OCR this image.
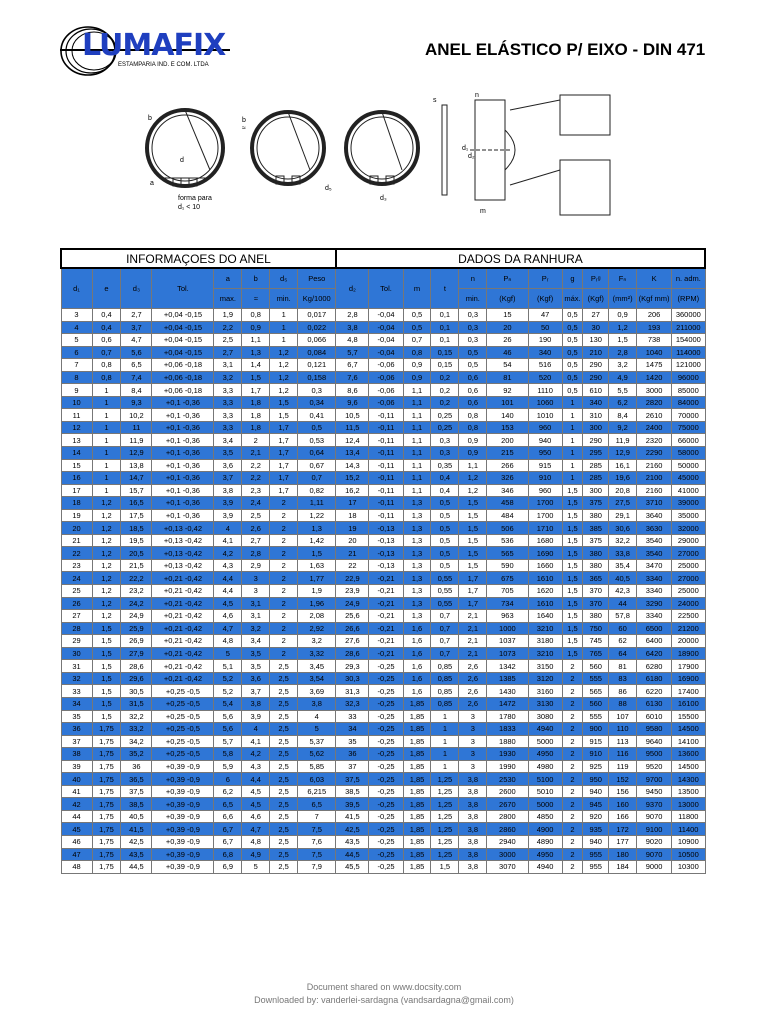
LUMAFIX
ESTAMPARIA IND. E COM. LTDA
ANEL ELÁSTICO P/ EIXO - DIN 471
b
d
a
forma para
d₁ < 10
b
≈
d₅
d₃
s
n
d₁
d₂
m
INFORMAÇOES DO ANEL								DADOS DA RANHURA											
d₁	e	d₃	Tol.	a	b	d₅	Peso	d₂	Tol.	m	t	n	Pₙ	Pᵣ	g	Pᵣᵍ	Fₙ	K	n. adm.
				max.	≈	min.	Kg/1000					min.	(Kgf)	(Kgf)	máx.	(Kgf)	(mm²)	(Kgf mm)	(RPM)
3	0,4	2,7	+0,04 -0,15	1,9	0,8	1	0,017	2,8	-0,04	0,5	0,1	0,3	15	47	0,5	27	0,9	206	360000
4	0,4	3,7	+0,04 -0,15	2,2	0,9	1	0,022	3,8	-0,04	0,5	0,1	0,3	20	50	0,5	30	1,2	193	211000
5	0,6	4,7	+0,04 -0,15	2,5	1,1	1	0,066	4,8	-0,04	0,7	0,1	0,3	26	190	0,5	130	1,5	738	154000
6	0,7	5,6	+0,04 -0,15	2,7	1,3	1,2	0,084	5,7	-0,04	0,8	0,15	0,5	46	340	0,5	210	2,8	1040	114000
7	0,8	6,5	+0,06 -0,18	3,1	1,4	1,2	0,121	6,7	-0,06	0,9	0,15	0,5	54	516	0,5	290	3,2	1475	121000
8	0,8	7,4	+0,06 -0,18	3,2	1,5	1,2	0,158	7,6	-0,06	0,9	0,2	0,6	81	520	0,5	290	4,9	1420	96000
9	1	8,4	+0,06 -0,18	3,3	1,7	1,2	0,3	8,6	-0,06	1,1	0,2	0,6	92	1110	0,5	610	5,5	3000	85000
10	1	9,3	+0,1 -0,36	3,3	1,8	1,5	0,34	9,6	-0,06	1,1	0,2	0,6	101	1060	1	340	6,2	2820	84000
11	1	10,2	+0,1 -0,36	3,3	1,8	1,5	0,41	10,5	-0,11	1,1	0,25	0,8	140	1010	1	310	8,4	2610	70000
12	1	11	+0,1 -0,36	3,3	1,8	1,7	0,5	11,5	-0,11	1,1	0,25	0,8	153	960	1	300	9,2	2400	75000
13	1	11,9	+0,1 -0,36	3,4	2	1,7	0,53	12,4	-0,11	1,1	0,3	0,9	200	940	1	290	11,9	2320	66000
14	1	12,9	+0,1 -0,36	3,5	2,1	1,7	0,64	13,4	-0,11	1,1	0,3	0,9	215	950	1	295	12,9	2290	58000
15	1	13,8	+0,1 -0,36	3,6	2,2	1,7	0,67	14,3	-0,11	1,1	0,35	1,1	266	915	1	285	16,1	2160	50000
16	1	14,7	+0,1 -0,36	3,7	2,2	1,7	0,7	15,2	-0,11	1,1	0,4	1,2	326	910	1	285	19,6	2100	45000
17	1	15,7	+0,1 -0,36	3,8	2,3	1,7	0,82	16,2	-0,11	1,1	0,4	1,2	346	960	1,5	300	20,8	2160	41000
18	1,2	16,5	+0,1 -0,36	3,9	2,4	2	1,11	17	-0,11	1,3	0,5	1,5	458	1700	1,5	375	27,5	3710	39000
19	1,2	17,5	+0,1 -0,36	3,9	2,5	2	1,22	18	-0,11	1,3	0,5	1,5	484	1700	1,5	380	29,1	3640	35000
20	1,2	18,5	+0,13 -0,42	4	2,6	2	1,3	19	-0,13	1,3	0,5	1,5	506	1710	1,5	385	30,6	3630	32000
21	1,2	19,5	+0,13 -0,42	4,1	2,7	2	1,42	20	-0,13	1,3	0,5	1,5	536	1680	1,5	375	32,2	3540	29000
22	1,2	20,5	+0,13 -0,42	4,2	2,8	2	1,5	21	-0,13	1,3	0,5	1,5	565	1690	1,5	380	33,8	3540	27000
23	1,2	21,5	+0,13 -0,42	4,3	2,9	2	1,63	22	-0,13	1,3	0,5	1,5	590	1660	1,5	380	35,4	3470	25000
24	1,2	22,2	+0,21 -0,42	4,4	3	2	1,77	22,9	-0,21	1,3	0,55	1,7	675	1610	1,5	365	40,5	3340	27000
25	1,2	23,2	+0,21 -0,42	4,4	3	2	1,9	23,9	-0,21	1,3	0,55	1,7	705	1620	1,5	370	42,3	3340	25000
26	1,2	24,2	+0,21 -0,42	4,5	3,1	2	1,96	24,9	-0,21	1,3	0,55	1,7	734	1610	1,5	370	44	3290	24000
27	1,2	24,9	+0,21 -0,42	4,6	3,1	2	2,08	25,6	-0,21	1,3	0,7	2,1	963	1640	1,5	380	57,8	3340	22500
28	1,5	25,9	+0,21 -0,42	4,7	3,2	2	2,92	26,6	-0,21	1,6	0,7	2,1	1000	3210	1,5	750	60	6500	21200
29	1,5	26,9	+0,21 -0,42	4,8	3,4	2	3,2	27,6	-0,21	1,6	0,7	2,1	1037	3180	1,5	745	62	6400	20000
30	1,5	27,9	+0,21 -0,42	5	3,5	2	3,32	28,6	-0,21	1,6	0,7	2,1	1073	3210	1,5	765	64	6420	18900
31	1,5	28,6	+0,21 -0,42	5,1	3,5	2,5	3,45	29,3	-0,25	1,6	0,85	2,6	1342	3150	2	560	81	6280	17900
32	1,5	29,6	+0,21 -0,42	5,2	3,6	2,5	3,54	30,3	-0,25	1,6	0,85	2,6	1385	3120	2	555	83	6180	16900
33	1,5	30,5	+0,25 -0,5	5,2	3,7	2,5	3,69	31,3	-0,25	1,6	0,85	2,6	1430	3160	2	565	86	6220	17400
34	1,5	31,5	+0,25 -0,5	5,4	3,8	2,5	3,8	32,3	-0,25	1,85	0,85	2,6	1472	3130	2	560	88	6130	16100
35	1,5	32,2	+0,25 -0,5	5,6	3,9	2,5	4	33	-0,25	1,85	1	3	1780	3080	2	555	107	6010	15500
36	1,75	33,2	+0,25 -0,5	5,6	4	2,5	5	34	-0,25	1,85	1	3	1833	4940	2	900	110	9580	14500
37	1,75	34,2	+0,25 -0,5	5,7	4,1	2,5	5,37	35	-0,25	1,85	1	3	1880	5000	2	915	113	9640	14100
38	1,75	35,2	+0,25 -0,5	5,8	4,2	2,5	5,62	36	-0,25	1,85	1	3	1930	4950	2	910	116	9500	13600
39	1,75	36	+0,39 -0,9	5,9	4,3	2,5	5,85	37	-0,25	1,85	1	3	1990	4980	2	925	119	9520	14500
40	1,75	36,5	+0,39 -0,9	6	4,4	2,5	6,03	37,5	-0,25	1,85	1,25	3,8	2530	5100	2	950	152	9700	14300
41	1,75	37,5	+0,39 -0,9	6,2	4,5	2,5	6,215	38,5	-0,25	1,85	1,25	3,8	2600	5010	2	940	156	9450	13500
42	1,75	38,5	+0,39 -0,9	6,5	4,5	2,5	6,5	39,5	-0,25	1,85	1,25	3,8	2670	5000	2	945	160	9370	13000
44	1,75	40,5	+0,39 -0,9	6,6	4,6	2,5	7	41,5	-0,25	1,85	1,25	3,8	2800	4850	2	920	166	9070	11800
45	1,75	41,5	+0,39 -0,9	6,7	4,7	2,5	7,5	42,5	-0,25	1,85	1,25	3,8	2860	4900	2	935	172	9100	11400
46	1,75	42,5	+0,39 -0,9	6,7	4,8	2,5	7,6	43,5	-0,25	1,85	1,25	3,8	2940	4890	2	940	177	9020	10900
47	1,75	43,5	+0,39 -0,9	6,8	4,9	2,5	7,5	44,5	-0,25	1,85	1,25	3,8	3000	4950	2	955	180	9070	10500
48	1,75	44,5	+0,39 -0,9	6,9	5	2,5	7,9	45,5	-0,25	1,85	1,5	3,8	3070	4940	2	955	184	9000	10300
Document shared on www.docsity.com
Downloaded by: vanderlei-sardagna (vandsardagna@gmail.com)
